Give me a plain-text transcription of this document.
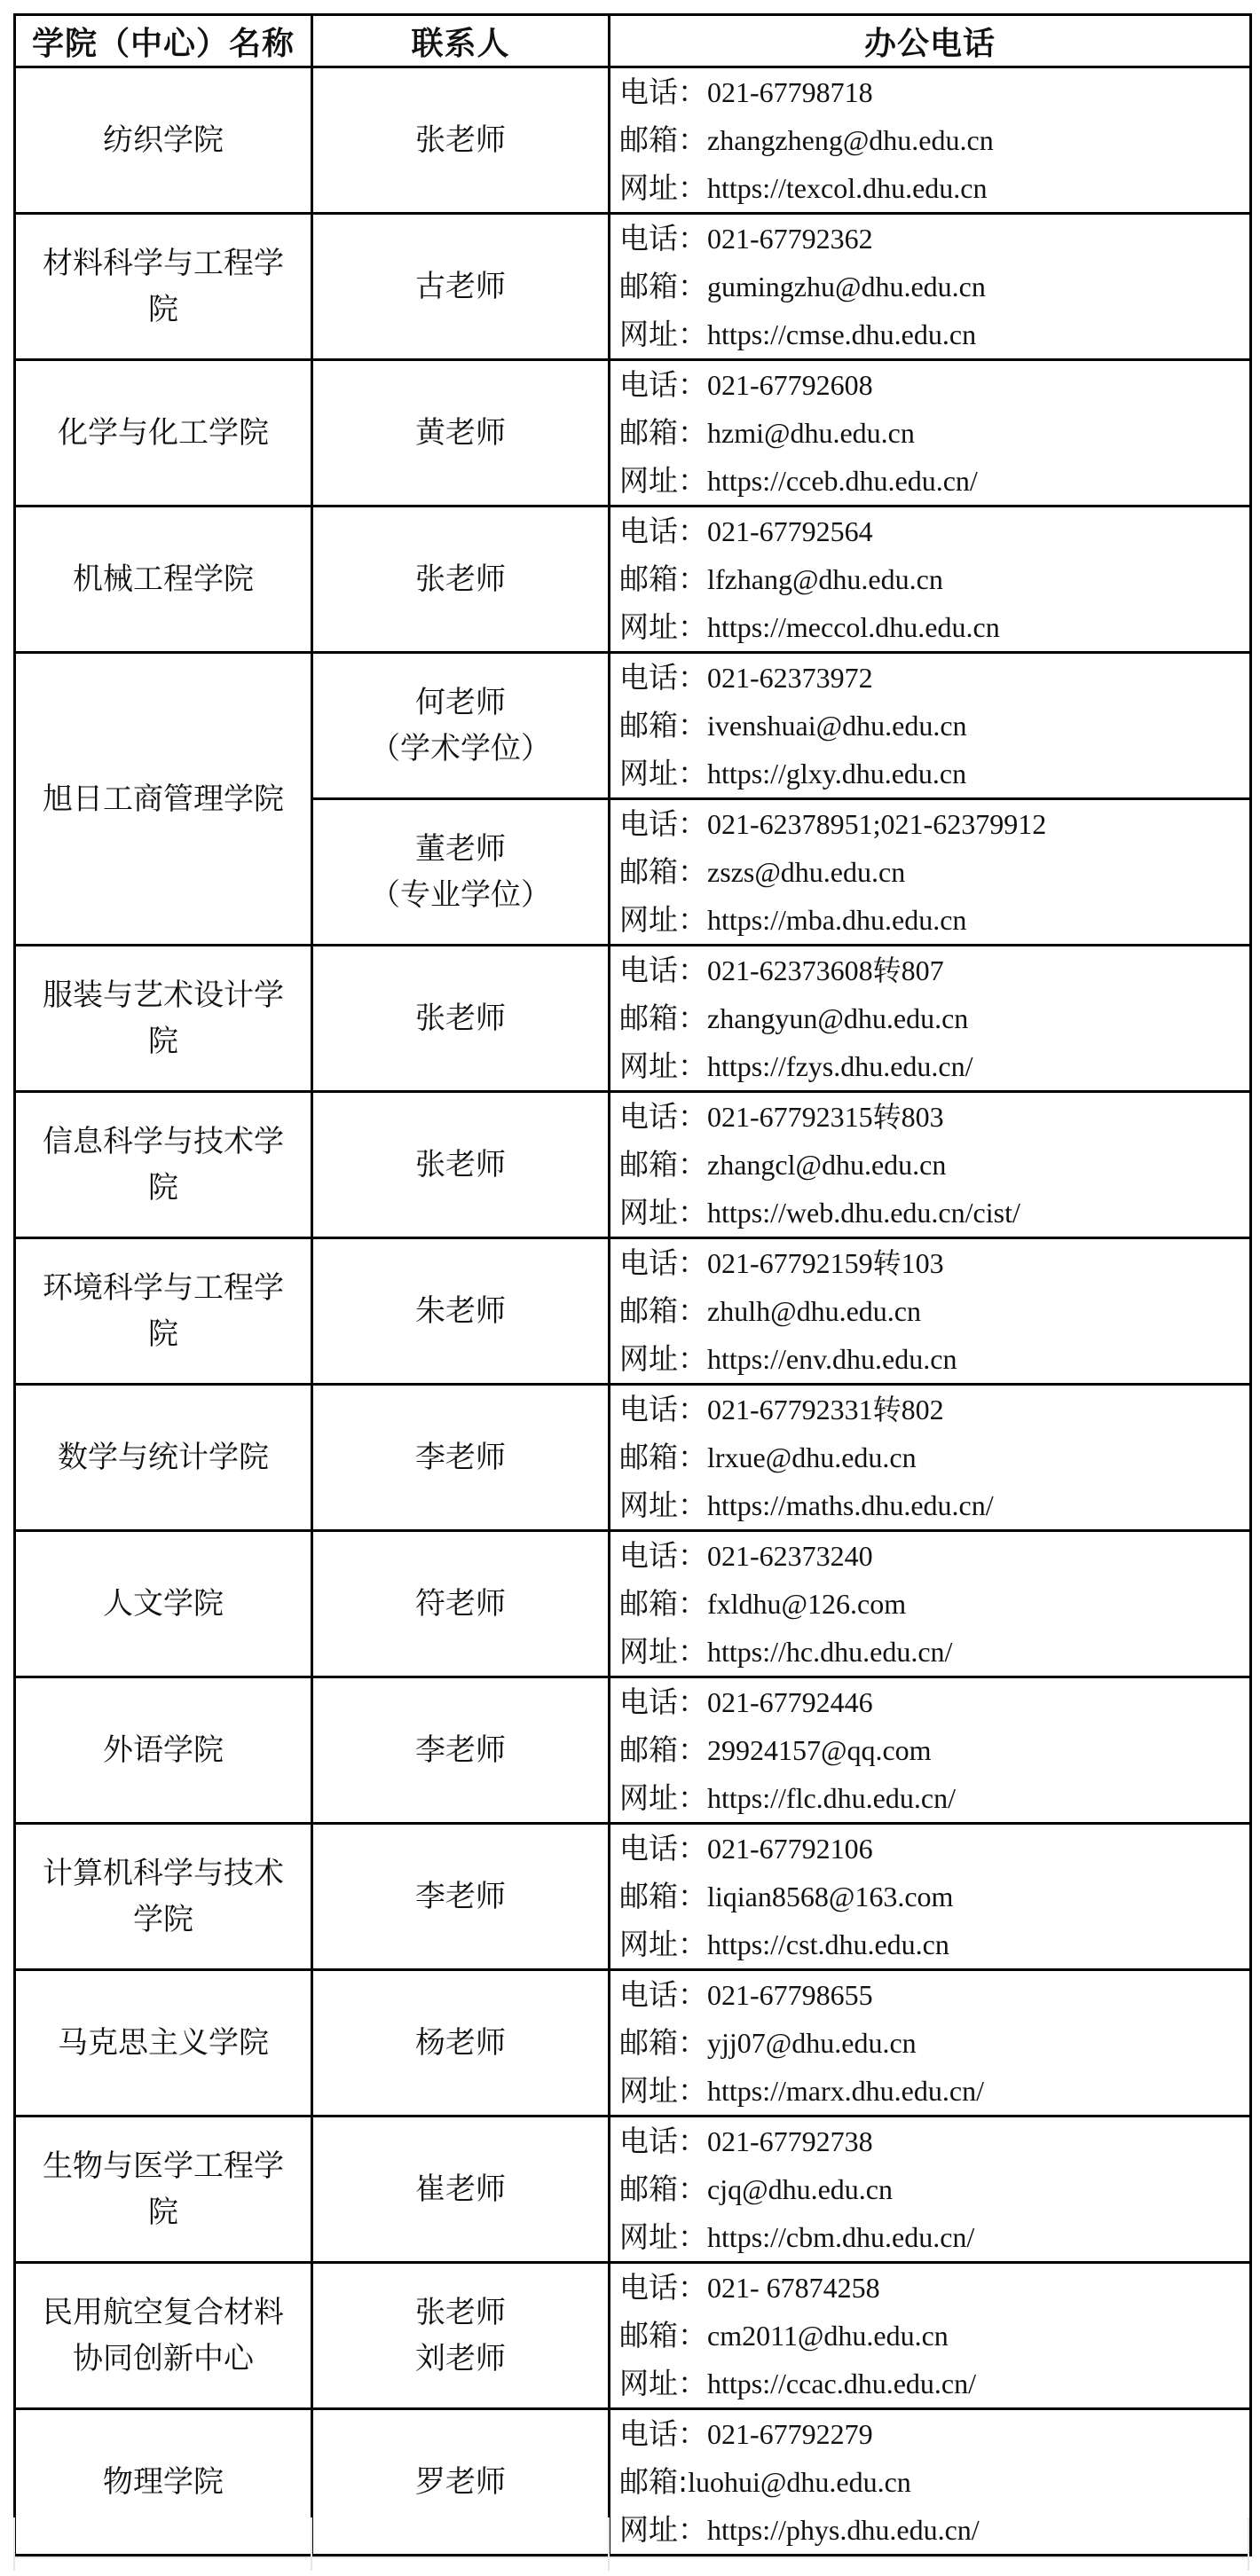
学院（中心）名称	联系人	办公电话

纺织学院	张老师	电话：021-67798718
邮箱：zhangzheng@dhu.edu.cn
网址：https://texcol.dhu.edu.cn

材料科学与工程学
院	古老师	电话：021-67792362
邮箱：gumingzhu@dhu.edu.cn
网址：https://cmse.dhu.edu.cn

化学与化工学院	黄老师	电话：021-67792608
邮箱：hzmi@dhu.edu.cn
网址：https://cceb.dhu.edu.cn/

机械工程学院	张老师	电话：021-67792564
邮箱：lfzhang@dhu.edu.cn
网址：https://meccol.dhu.edu.cn

旭日工商管理学院	何老师
（学术学位）	电话：021-62373972
邮箱：ivenshuai@dhu.edu.cn
网址：https://glxy.dhu.edu.cn

	董老师
（专业学位）	电话：021-62378951;021-62379912
邮箱：zszs@dhu.edu.cn
网址：https://mba.dhu.edu.cn

服装与艺术设计学
院	张老师	电话：021-62373608转807
邮箱：zhangyun@dhu.edu.cn
网址：https://fzys.dhu.edu.cn/

信息科学与技术学
院	张老师	电话：021-67792315转803
邮箱：zhangcl@dhu.edu.cn
网址：https://web.dhu.edu.cn/cist/

环境科学与工程学
院	朱老师	电话：021-67792159转103
邮箱：zhulh@dhu.edu.cn
网址：https://env.dhu.edu.cn

数学与统计学院	李老师	电话：021-67792331转802
邮箱：lrxue@dhu.edu.cn
网址：https://maths.dhu.edu.cn/

人文学院	符老师	电话：021-62373240
邮箱：fxldhu@126.com
网址：https://hc.dhu.edu.cn/

外语学院	李老师	电话：021-67792446
邮箱：29924157@qq.com
网址：https://flc.dhu.edu.cn/

计算机科学与技术
学院	李老师	电话：021-67792106
邮箱：liqian8568@163.com
网址：https://cst.dhu.edu.cn

马克思主义学院	杨老师	电话：021-67798655
邮箱：yjj07@dhu.edu.cn
网址：https://marx.dhu.edu.cn/

生物与医学工程学
院	崔老师	电话：021-67792738
邮箱：cjq@dhu.edu.cn
网址：https://cbm.dhu.edu.cn/

民用航空复合材料
协同创新中心	张老师
刘老师	电话：021- 67874258
邮箱：cm2011@dhu.edu.cn
网址：https://ccac.dhu.edu.cn/

物理学院	罗老师	电话：021-67792279
邮箱:luohui@dhu.edu.cn
网址：https://phys.dhu.edu.cn/
